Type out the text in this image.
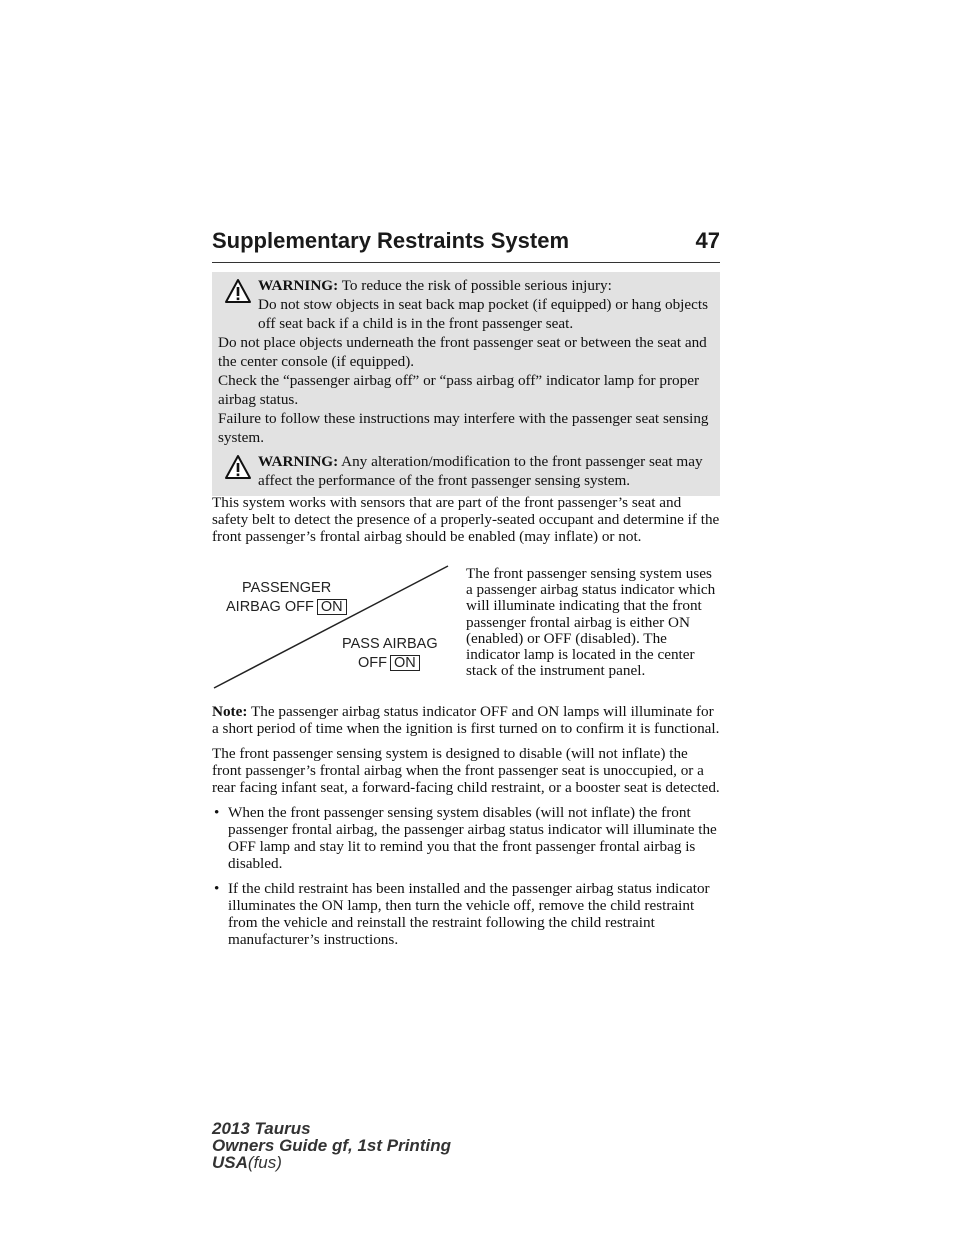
Supplementary Restraints System	47

WARNING: To reduce the risk of possible serious injury:

Do not stow objects in seat back map pocket (if equipped) or hang objects off seat back if a child is in the front passenger seat.

Do not place objects underneath the front passenger seat or between the seat and the center console (if equipped).

Check the “passenger airbag off” or “pass airbag off” indicator lamp for proper airbag status.

Failure to follow these instructions may interfere with the passenger seat sensing system.

WARNING: Any alteration/modification to the front passenger seat may affect the performance of the front passenger sensing system.

This system works with sensors that are part of the front passenger’s seat and safety belt to detect the presence of a properly-seated occupant and determine if the front passenger’s frontal airbag should be enabled (may inflate) or not.

PASSENGER
AIRBAG OFF ON
PASS AIRBAG
OFF ON
The front passenger sensing system uses a passenger airbag status indicator which will illuminate indicating that the front passenger frontal airbag is either ON (enabled) or OFF (disabled). The indicator lamp is located in the center stack of the instrument panel.

Note: The passenger airbag status indicator OFF and ON lamps will illuminate for a short period of time when the ignition is first turned on to confirm it is functional.

The front passenger sensing system is designed to disable (will not inflate) the front passenger’s frontal airbag when the front passenger seat is unoccupied, or a rear facing infant seat, a forward-facing child restraint, or a booster seat is detected.

• When the front passenger sensing system disables (will not inflate) the front passenger frontal airbag, the passenger airbag status indicator will illuminate the OFF lamp and stay lit to remind you that the front passenger frontal airbag is disabled.
• If the child restraint has been installed and the passenger airbag status indicator illuminates the ON lamp, then turn the vehicle off, remove the child restraint from the vehicle and reinstall the restraint following the child restraint manufacturer’s instructions.
2013 Taurus
Owners Guide gf, 1st Printing
USA(fus)
